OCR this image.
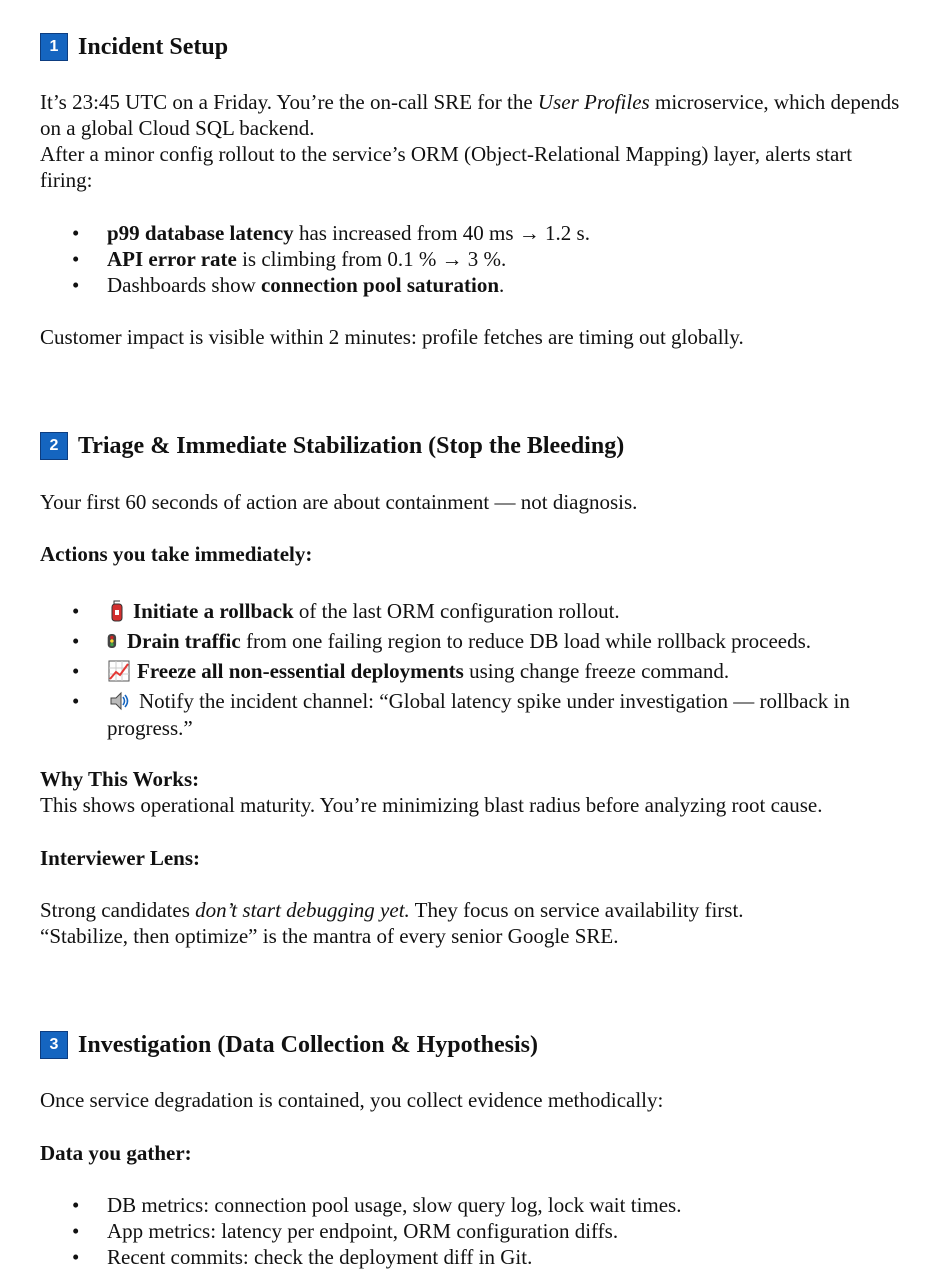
1 Incident Setup
It’s 23:45 UTC on a Friday. You’re the on-call SRE for the User Profiles microservice, which depends on a global Cloud SQL backend.
After a minor config rollout to the service’s ORM (Object-Relational Mapping) layer, alerts start firing:
• p99 database latency has increased from 40 ms → 1.2 s.
• API error rate is climbing from 0.1 % → 3 %.
• Dashboards show connection pool saturation.
Customer impact is visible within 2 minutes: profile fetches are timing out globally.
2 Triage & Immediate Stabilization (Stop the Bleeding)
Your first 60 seconds of action are about containment — not diagnosis.
Actions you take immediately:
• Initiate a rollback of the last ORM configuration rollout.
• Drain traffic from one failing region to reduce DB load while rollback proceeds.
• Freeze all non-essential deployments using change freeze command.
• Notify the incident channel: “Global latency spike under investigation — rollback in progress.”
Why This Works:
This shows operational maturity. You’re minimizing blast radius before analyzing root cause.
Interviewer Lens:
Strong candidates don’t start debugging yet. They focus on service availability first.
“Stabilize, then optimize” is the mantra of every senior Google SRE.
3 Investigation (Data Collection & Hypothesis)
Once service degradation is contained, you collect evidence methodically:
Data you gather:
• DB metrics: connection pool usage, slow query log, lock wait times.
• App metrics: latency per endpoint, ORM configuration diffs.
• Recent commits: check the deployment diff in Git.
